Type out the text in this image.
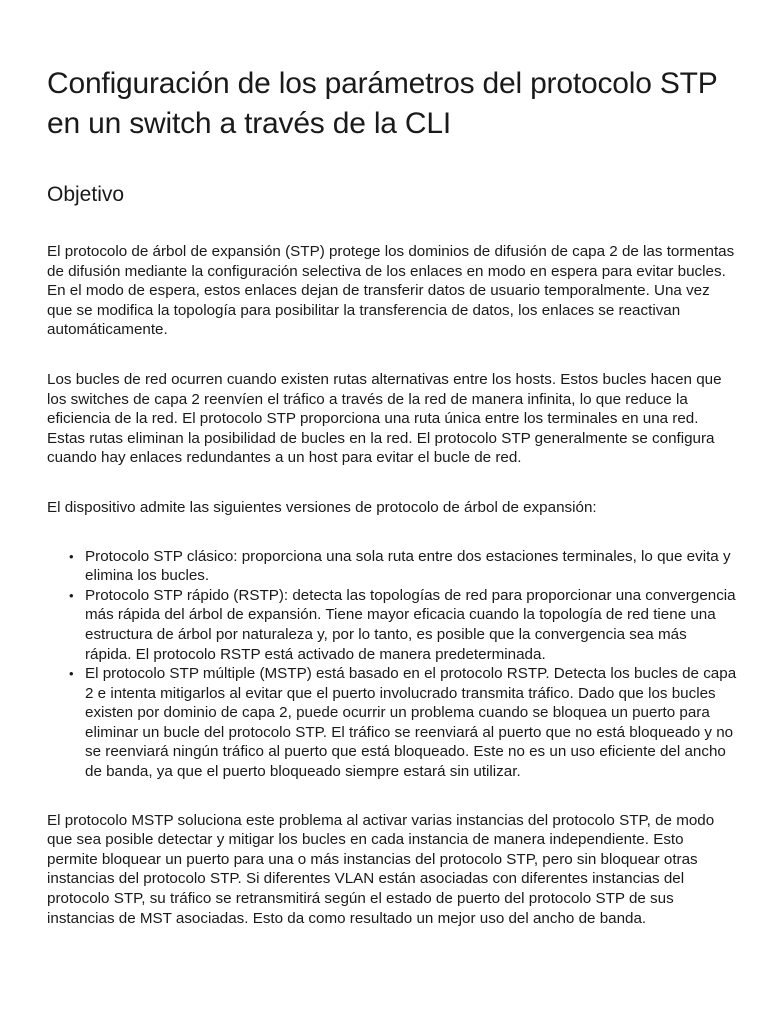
Configuración de los parámetros del protocolo STP en un switch a través de la CLI
Objetivo

El protocolo de árbol de expansión (STP) protege los dominios de difusión de capa 2 de las tormentas de difusión mediante la configuración selectiva de los enlaces en modo en espera para evitar bucles. En el modo de espera, estos enlaces dejan de transferir datos de usuario temporalmente. Una vez que se modifica la topología para posibilitar la transferencia de datos, los enlaces se reactivan automáticamente.

Los bucles de red ocurren cuando existen rutas alternativas entre los hosts. Estos bucles hacen que los switches de capa 2 reenvíen el tráfico a través de la red de manera infinita, lo que reduce la eficiencia de la red. El protocolo STP proporciona una ruta única entre los terminales en una red. Estas rutas eliminan la posibilidad de bucles en la red. El protocolo STP generalmente se configura cuando hay enlaces redundantes a un host para evitar el bucle de red.

El dispositivo admite las siguientes versiones de protocolo de árbol de expansión:

• Protocolo STP clásico: proporciona una sola ruta entre dos estaciones terminales, lo que evita y elimina los bucles.
• Protocolo STP rápido (RSTP): detecta las topologías de red para proporcionar una convergencia más rápida del árbol de expansión. Tiene mayor eficacia cuando la topología de red tiene una estructura de árbol por naturaleza y, por lo tanto, es posible que la convergencia sea más rápida. El protocolo RSTP está activado de manera predeterminada.
• El protocolo STP múltiple (MSTP) está basado en el protocolo RSTP. Detecta los bucles de capa 2 e intenta mitigarlos al evitar que el puerto involucrado transmita tráfico. Dado que los bucles existen por dominio de capa 2, puede ocurrir un problema cuando se bloquea un puerto para eliminar un bucle del protocolo STP. El tráfico se reenviará al puerto que no está bloqueado y no se reenviará ningún tráfico al puerto que está bloqueado. Este no es un uso eficiente del ancho de banda, ya que el puerto bloqueado siempre estará sin utilizar.

El protocolo MSTP soluciona este problema al activar varias instancias del protocolo STP, de modo que sea posible detectar y mitigar los bucles en cada instancia de manera independiente. Esto permite bloquear un puerto para una o más instancias del protocolo STP, pero sin bloquear otras instancias del protocolo STP. Si diferentes VLAN están asociadas con diferentes instancias del protocolo STP, su tráfico se retransmitirá según el estado de puerto del protocolo STP de sus instancias de MST asociadas. Esto da como resultado un mejor uso del ancho de banda.
